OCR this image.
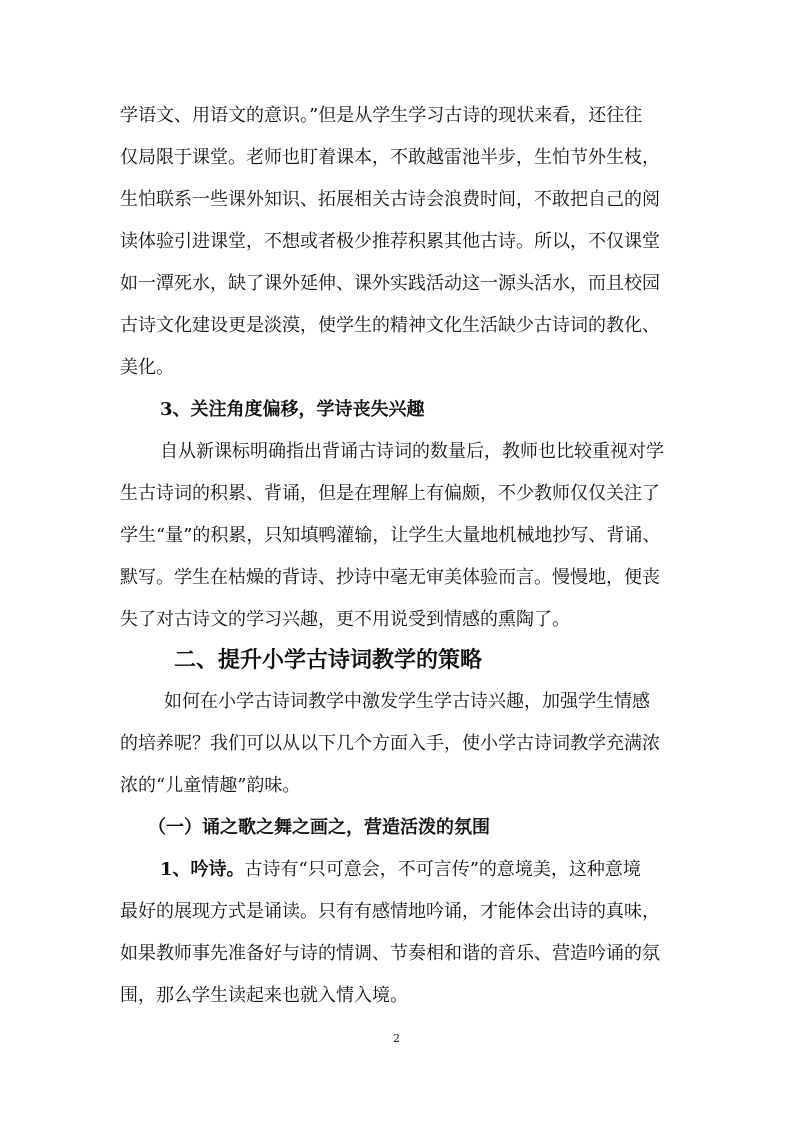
学语文、用语文的意识。”但是从学生学习古诗的现状来看，还往往
仅局限于课堂。老师也盯着课本，不敢越雷池半步，生怕节外生枝，
生怕联系一些课外知识、拓展相关古诗会浪费时间，不敢把自己的阅
读体验引进课堂，不想或者极少推荐积累其他古诗。所以，不仅课堂
如一潭死水，缺了课外延伸、课外实践活动这一源头活水，而且校园
古诗文化建设更是淡漠，使学生的精神文化生活缺少古诗词的教化、
美化。
3、关注角度偏移，学诗丧失兴趣
自从新课标明确指出背诵古诗词的数量后，教师也比较重视对学
生古诗词的积累、背诵，但是在理解上有偏颇，不少教师仅仅关注了
学生“量”的积累，只知填鸭灌输，让学生大量地机械地抄写、背诵、
默写。学生在枯燥的背诗、抄诗中毫无审美体验而言。慢慢地，便丧
失了对古诗文的学习兴趣，更不用说受到情感的熏陶了。
二、提升小学古诗词教学的策略
如何在小学古诗词教学中激发学生学古诗兴趣，加强学生情感
的培养呢？我们可以从以下几个方面入手，使小学古诗词教学充满浓
浓的“儿童情趣”韵味。
（一）诵之歌之舞之画之，营造活泼的氛围
1、吟诗。古诗有“只可意会，不可言传”的意境美，这种意境
最好的展现方式是诵读。只有有感情地吟诵，才能体会出诗的真味，
如果教师事先准备好与诗的情调、节奏相和谐的音乐、营造吟诵的氛
围，那么学生读起来也就入情入境。
2
